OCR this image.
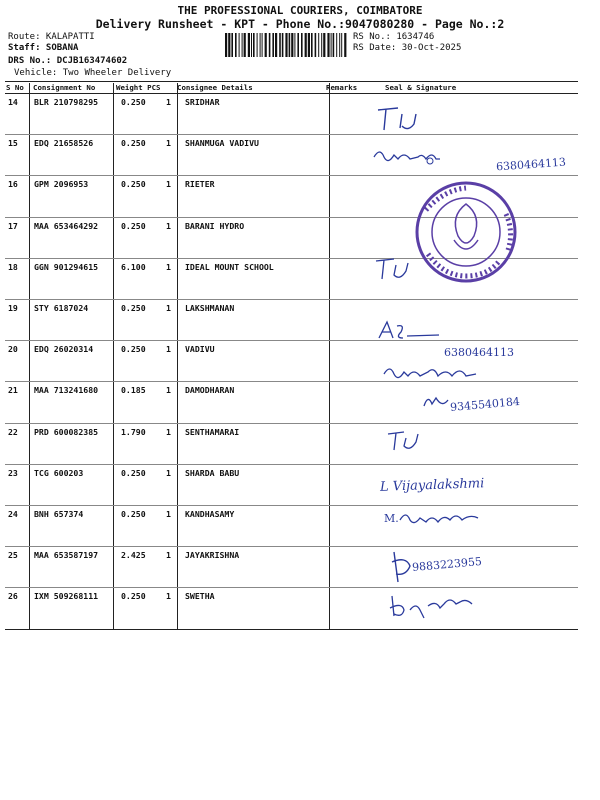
THE PROFESSIONAL COURIERS, COIMBATORE
Delivery Runsheet - KPT - Phone No.:9047080280 - Page No.:2
Route: KALAPATTI
Staff: SOBANA
DRS No.: DCJB163474602
Vehicle: Two Wheeler Delivery
RS No.: 1634746
RS Date: 30-Oct-2025
S No Consignment No	Weight PCS Consignee Details	Remarks	Seal & Signature
14 BLR 210798295	0.250 1 SRIDHAR
15 EDQ 21658526	0.250 1 SHANMUGA VADIVU
16 GPM 2096953	0.250 1 RIETER
17 MAA 653464292	0.250 1 BARANI HYDRO
18 GGN 901294615	6.100 1 IDEAL MOUNT SCHOOL
19 STY 6187024	0.250 1 LAKSHMANAN
20 EDQ 26020314	0.250 1 VADIVU
21 MAA 713241680	0.185 1 DAMODHARAN
22 PRD 600082385	1.790 1 SENTHAMARAI
23 TCG 600203	0.250 1 SHARDA BABU
24 BNH 657374	0.250 1 KANDHASAMY
25 MAA 653587197	2.425 1 JAYAKRISHNA
26 IXM 509268111	0.250 1 SWETHA
6380464113
6380464113
9345540184
L Vijayalakshmi
M.
9883223955
